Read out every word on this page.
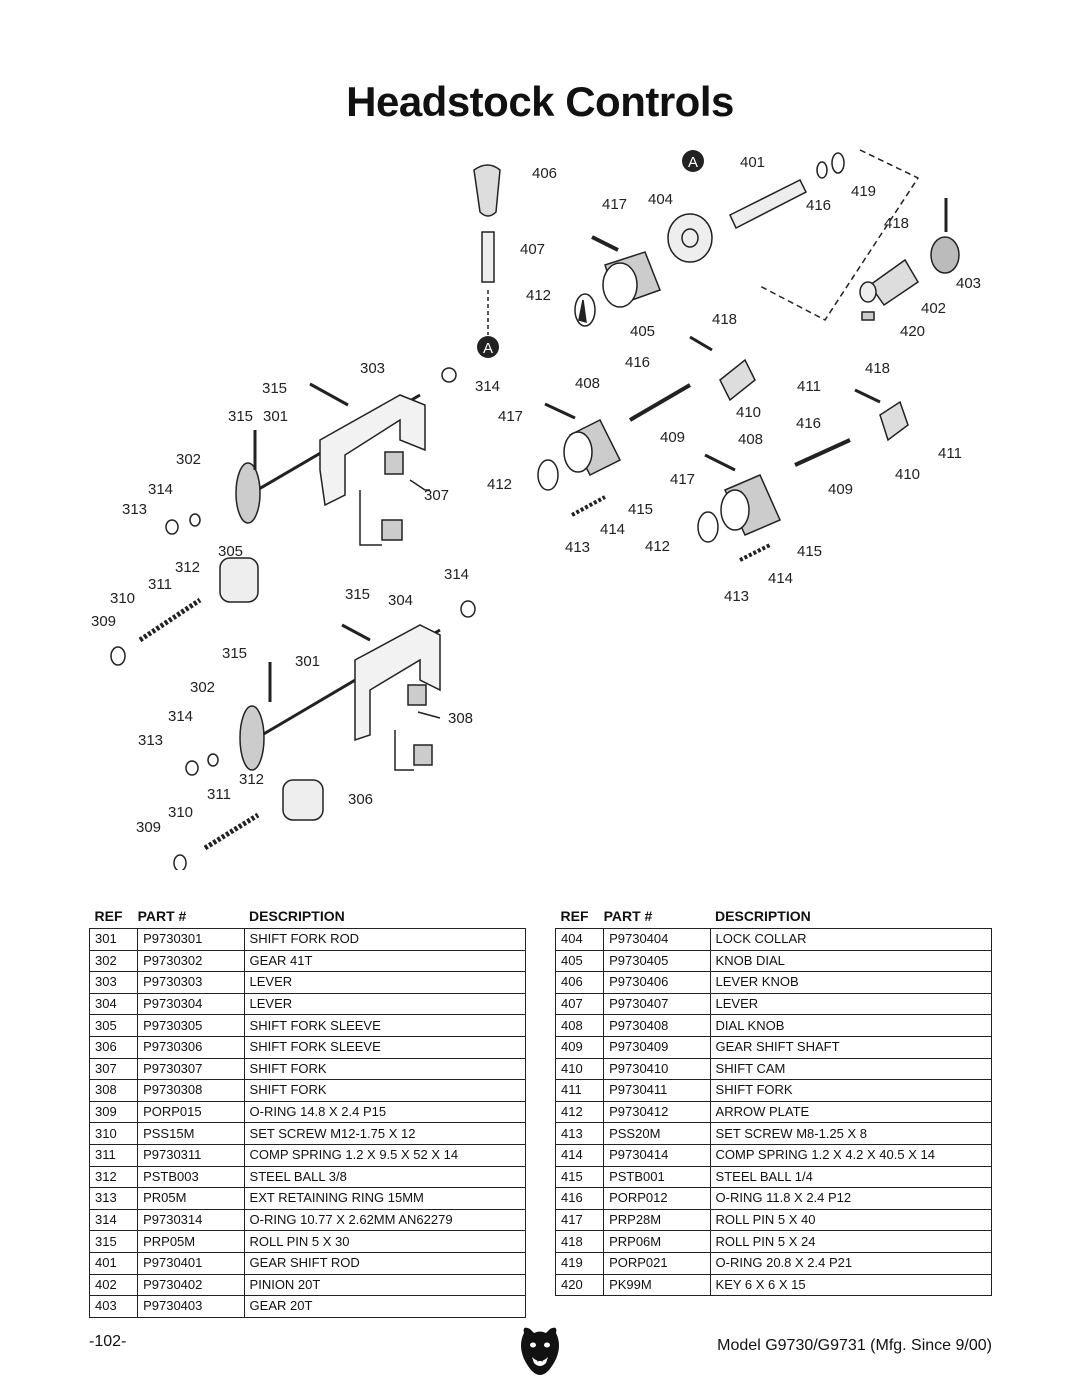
Headstock Controls
A
A
406
401
419
417 404	416
418
407
403
412
402
418
405	420
303	416	418
315	314	408	411
315 301	417	410
416
409	408
302	411
412	417	410
314	307	409
313	415
414
305	413	412	415
312	314
311	414
315
310	304	413
309
315	301
302
314	308
313
312
311	306
310
309
REF	PART #	DESCRIPTION
301	P9730301	SHIFT FORK ROD
302	P9730302	GEAR 41T
303	P9730303	LEVER
304	P9730304	LEVER
305	P9730305	SHIFT FORK SLEEVE
306	P9730306	SHIFT FORK SLEEVE
307	P9730307	SHIFT FORK
308	P9730308	SHIFT FORK
309	PORP015	O-RING 14.8 X 2.4 P15
310	PSS15M	SET SCREW M12-1.75 X 12
311	P9730311	COMP SPRING 1.2 X 9.5 X 52 X 14
312	PSTB003	STEEL BALL 3/8
313	PR05M	EXT RETAINING RING 15MM
314	P9730314	O-RING 10.77 X 2.62MM AN62279
315	PRP05M	ROLL PIN 5 X 30
401	P9730401	GEAR SHIFT ROD
402	P9730402	PINION 20T
403	P9730403	GEAR 20T
REF	PART #	DESCRIPTION
404	P9730404	LOCK COLLAR
405	P9730405	KNOB DIAL
406	P9730406	LEVER KNOB
407	P9730407	LEVER
408	P9730408	DIAL KNOB
409	P9730409	GEAR SHIFT SHAFT
410	P9730410	SHIFT CAM
411	P9730411	SHIFT FORK
412	P9730412	ARROW PLATE
413	PSS20M	SET SCREW M8-1.25 X 8
414	P9730414	COMP SPRING 1.2 X 4.2 X 40.5 X 14
415	PSTB001	STEEL BALL 1/4
416	PORP012	O-RING 11.8 X 2.4 P12
417	PRP28M	ROLL PIN 5 X 40
418	PRP06M	ROLL PIN 5 X 24
419	PORP021	O-RING 20.8 X 2.4 P21
420	PK99M	KEY 6 X 6 X 15
-102-	Model G9730/G9731 (Mfg. Since 9/00)
